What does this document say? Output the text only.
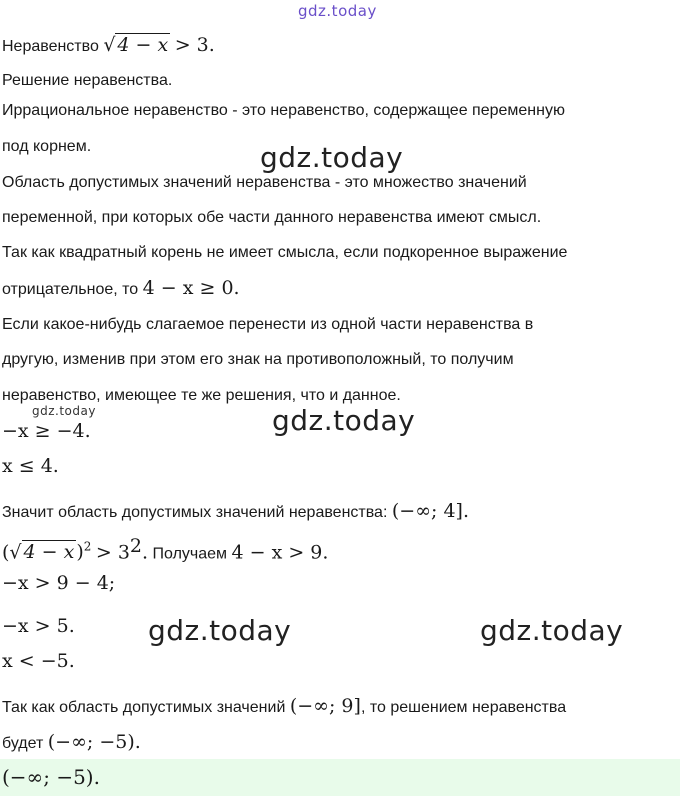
gdz.today
Неравенство √ 4 − x > 3.
Решение неравенства.
Иррациональное неравенство - это неравенство, содержащее переменную
под корнем.	gdz.today
Область допустимых значений неравенства - это множество значений
переменной, при которых обе части данного неравенства имеют смысл.
Так как квадратный корень не имеет смысла, если подкоренное выражение
отрицательное, то 4 − x ≥ 0.
Если какое-нибудь слагаемое перенести из одной части неравенства в
другую, изменив при этом его знак на противоположный, то получим
неравенство, имеющее те же решения, что и данное.
gdz.today	gdz.today
−x ≥ −4.
x ≤ 4.
Значит область допустимых значений неравенства: (−∞; 4].
(√ 4 − x )$^2 > 3^2$. Получаем 4 − x > 9.
−x > 9 − 4;
−x > 5.	gdz.today	gdz.today
x < −5.
Так как область допустимых значений (−∞; 9], то решением неравенства
будет (−∞; −5).
(−∞; −5).
